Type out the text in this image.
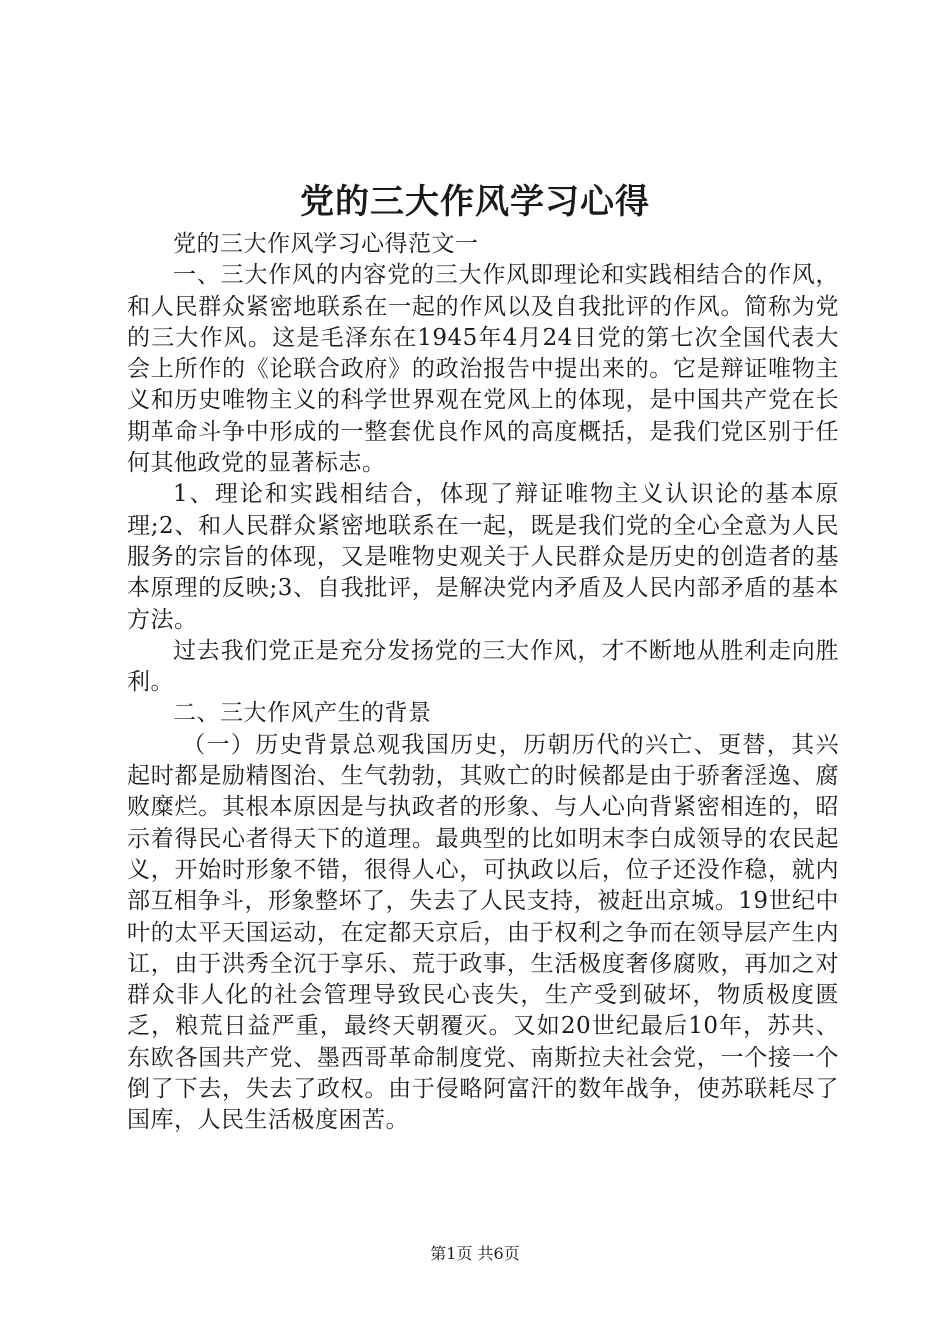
党的三大作风学习心得

党的三大作风学习心得范文一

一、三大作风的内容党的三大作风即理论和实践相结合的作风，和人民群众紧密地联系在一起的作风以及自我批评的作风。简称为党的三大作风。这是毛泽东在1945年4月24日党的第七次全国代表大会上所作的《论联合政府》的政治报告中提出来的。它是辩证唯物主义和历史唯物主义的科学世界观在党风上的体现，是中国共产党在长期革命斗争中形成的一整套优良作风的高度概括，是我们党区别于任何其他政党的显著标志。

1、理论和实践相结合，体现了辩证唯物主义认识论的基本原理;2、和人民群众紧密地联系在一起，既是我们党的全心全意为人民服务的宗旨的体现，又是唯物史观关于人民群众是历史的创造者的基本原理的反映;3、自我批评，是解决党内矛盾及人民内部矛盾的基本方法。

过去我们党正是充分发扬党的三大作风，才不断地从胜利走向胜利。

二、三大作风产生的背景

（一）历史背景总观我国历史，历朝历代的兴亡、更替，其兴起时都是励精图治、生气勃勃，其败亡的时候都是由于骄奢淫逸、腐败糜烂。其根本原因是与执政者的形象、与人心向背紧密相连的，昭示着得民心者得天下的道理。最典型的比如明末李白成领导的农民起义，开始时形象不错，很得人心，可执政以后，位子还没作稳，就内部互相争斗，形象整坏了，失去了人民支持，被赶出京城。19世纪中叶的太平天国运动，在定都天京后，由于权利之争而在领导层产生内讧，由于洪秀全沉于享乐、荒于政事，生活极度奢侈腐败，再加之对群众非人化的社会管理导致民心丧失，生产受到破坏，物质极度匮乏，粮荒日益严重，最终天朝覆灭。又如20世纪最后10年，苏共、东欧各国共产党、墨西哥革命制度党、南斯拉夫社会党，一个接一个倒了下去，失去了政权。由于侵略阿富汗的数年战争，使苏联耗尽了国库，人民生活极度困苦。

第1页 共6页
